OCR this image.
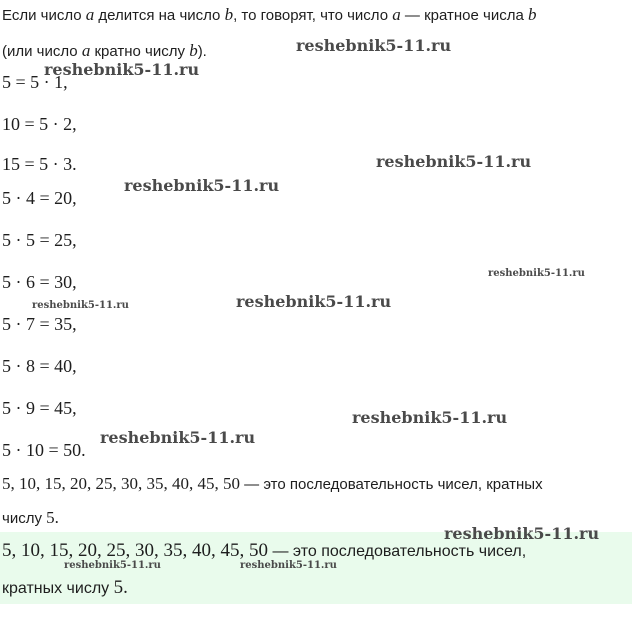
Если число a делится на число b, то говорят, что число a — кратное числа b
(или число a кратно числу b).
5 = 5 · 1,
10 = 5 · 2,
15 = 5 · 3.
5 · 4 = 20,
5 · 5 = 25,
5 · 6 = 30,
5 · 7 = 35,
5 · 8 = 40,
5 · 9 = 45,
5 · 10 = 50.
5, 10, 15, 20, 25, 30, 35, 40, 45, 50 — это последовательность чисел, кратных
числу 5.
5, 10, 15, 20, 25, 30, 35, 40, 45, 50 — это последовательность чисел,
кратных числу 5.
reshebnik5-11.ru
reshebnik5-11.ru
reshebnik5-11.ru
reshebnik5-11.ru
reshebnik5-11.ru
reshebnik5-11.ru
reshebnik5-11.ru
reshebnik5-11.ru
reshebnik5-11.ru
reshebnik5-11.ru
reshebnik5-11.ru	reshebnik5-11.ru
